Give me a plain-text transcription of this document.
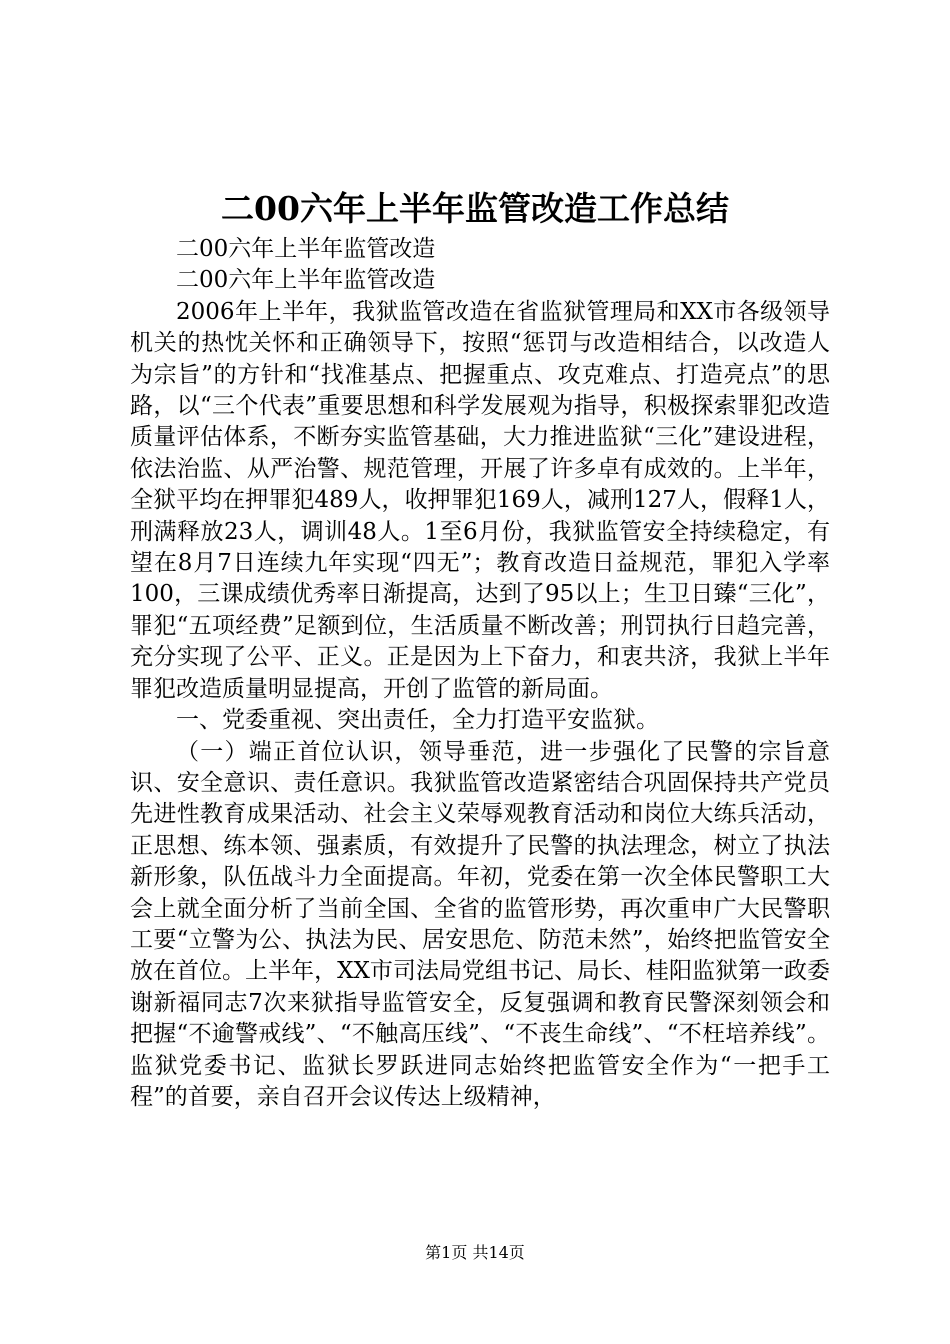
二00六年上半年监管改造工作总结

二00六年上半年监管改造

二00六年上半年监管改造

2006年上半年，我狱监管改造在省监狱管理局和XX市各级领导机关的热忱关怀和正确领导下，按照“惩罚与改造相结合，以改造人为宗旨”的方针和“找准基点、把握重点、攻克难点、打造亮点”的思路，以“三个代表”重要思想和科学发展观为指导，积极探索罪犯改造质量评估体系，不断夯实监管基础，大力推进监狱“三化”建设进程，依法治监、从严治警、规范管理，开展了许多卓有成效的。上半年，全狱平均在押罪犯489人，收押罪犯169人，减刑127人，假释1人，刑满释放23人，调训48人。1至6月份，我狱监管安全持续稳定，有望在8月7日连续九年实现“四无”；教育改造日益规范，罪犯入学率100，三课成绩优秀率日渐提高，达到了95以上；生卫日臻“三化”，罪犯“五项经费”足额到位，生活质量不断改善；刑罚执行日趋完善，充分实现了公平、正义。正是因为上下奋力，和衷共济，我狱上半年罪犯改造质量明显提高，开创了监管的新局面。

一、党委重视、突出责任，全力打造平安监狱。

（一）端正首位认识，领导垂范，进一步强化了民警的宗旨意识、安全意识、责任意识。我狱监管改造紧密结合巩固保持共产党员先进性教育成果活动、社会主义荣辱观教育活动和岗位大练兵活动，正思想、练本领、强素质，有效提升了民警的执法理念，树立了执法新形象，队伍战斗力全面提高。年初，党委在第一次全体民警职工大会上就全面分析了当前全国、全省的监管形势，再次重申广大民警职工要“立警为公、执法为民、居安思危、防范未然”，始终把监管安全放在首位。上半年，XX市司法局党组书记、局长、桂阳监狱第一政委谢新福同志7次来狱指导监管安全，反复强调和教育民警深刻领会和把握“不逾警戒线”、“不触高压线”、“不丧生命线”、“不枉培养线”。监狱党委书记、监狱长罗跃进同志始终把监管安全作为“一把手工程”的首要，亲自召开会议传达上级精神，

第1页 共14页
